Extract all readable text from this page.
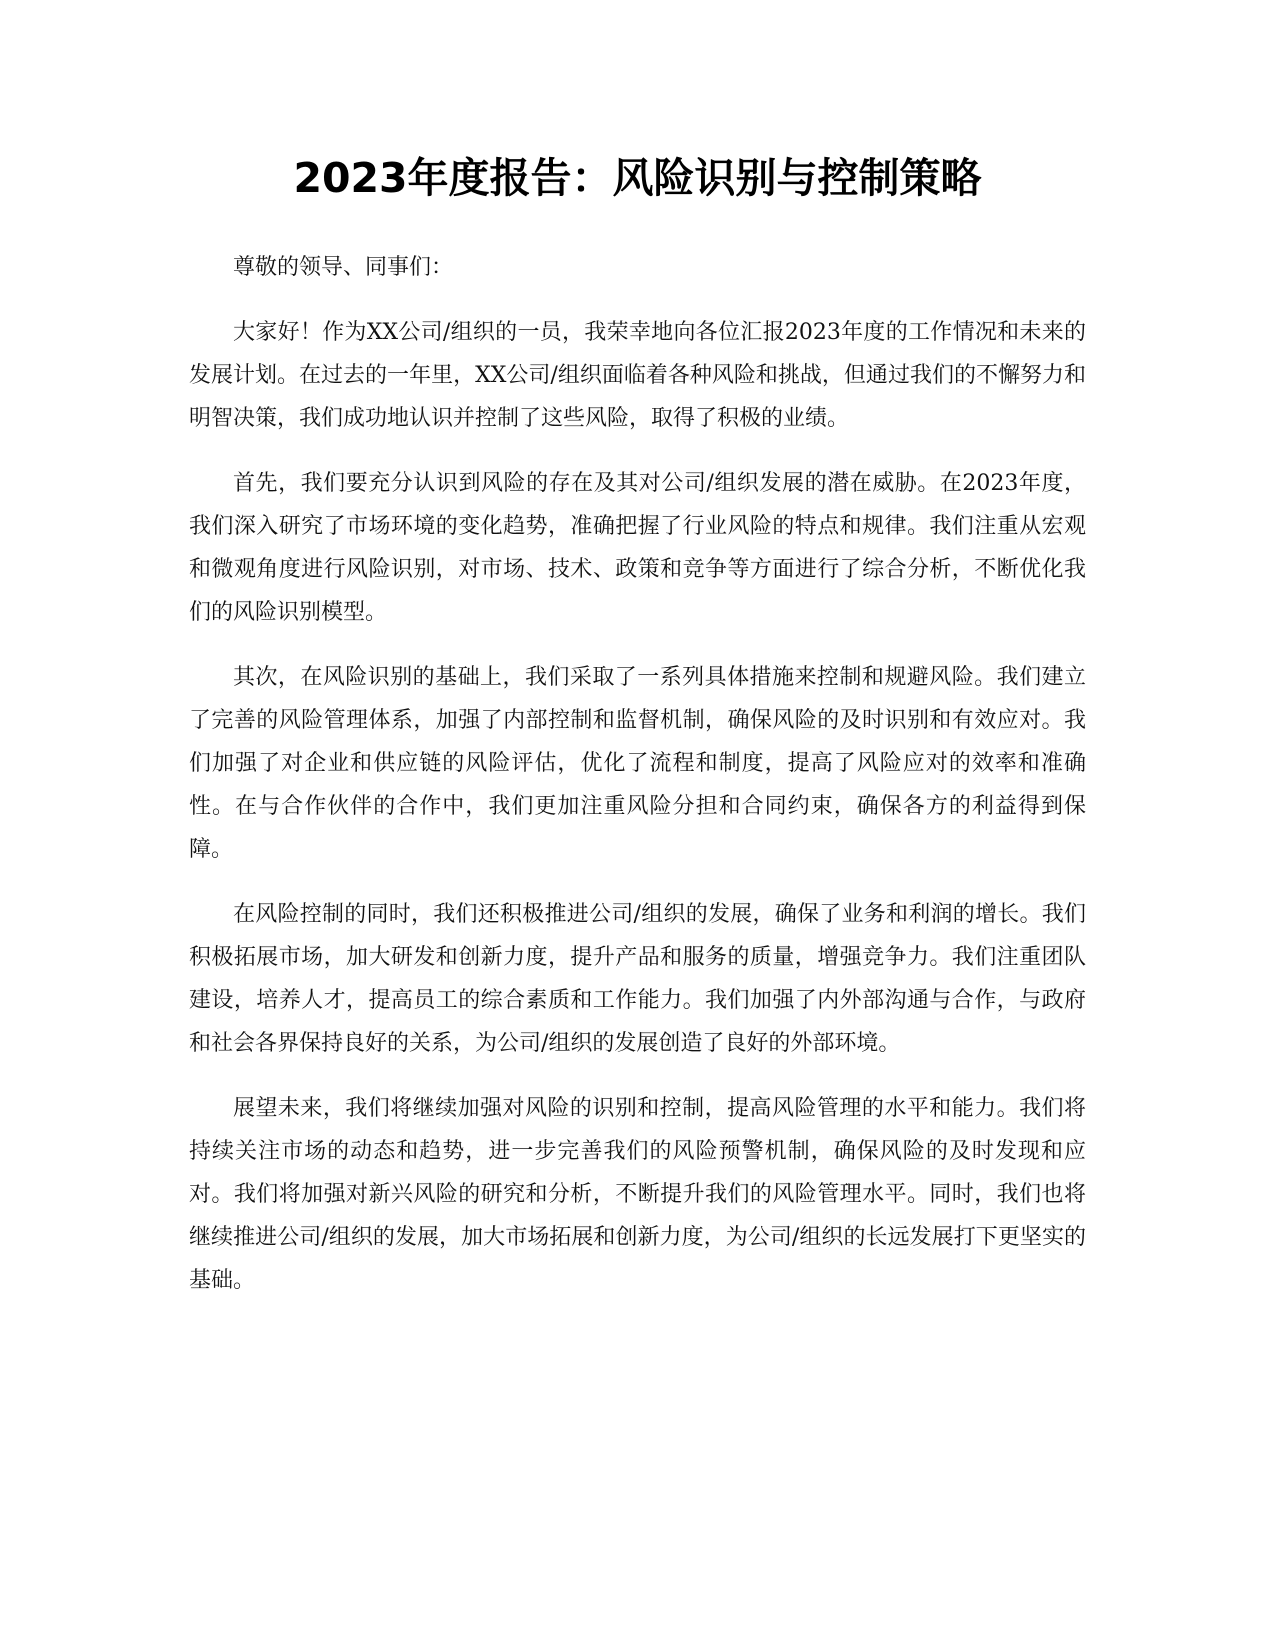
2023年度报告：风险识别与控制策略

尊敬的领导、同事们：

大家好！作为XX公司/组织的一员，我荣幸地向各位汇报2023年度的工作情况和未来的发展计划。在过去的一年里，XX公司/组织面临着各种风险和挑战，但通过我们的不懈努力和明智决策，我们成功地认识并控制了这些风险，取得了积极的业绩。

首先，我们要充分认识到风险的存在及其对公司/组织发展的潜在威胁。在2023年度，我们深入研究了市场环境的变化趋势，准确把握了行业风险的特点和规律。我们注重从宏观和微观角度进行风险识别，对市场、技术、政策和竞争等方面进行了综合分析，不断优化我们的风险识别模型。

其次，在风险识别的基础上，我们采取了一系列具体措施来控制和规避风险。我们建立了完善的风险管理体系，加强了内部控制和监督机制，确保风险的及时识别和有效应对。我们加强了对企业和供应链的风险评估，优化了流程和制度，提高了风险应对的效率和准确性。在与合作伙伴的合作中，我们更加注重风险分担和合同约束，确保各方的利益得到保障。

在风险控制的同时，我们还积极推进公司/组织的发展，确保了业务和利润的增长。我们积极拓展市场，加大研发和创新力度，提升产品和服务的质量，增强竞争力。我们注重团队建设，培养人才，提高员工的综合素质和工作能力。我们加强了内外部沟通与合作，与政府和社会各界保持良好的关系，为公司/组织的发展创造了良好的外部环境。

展望未来，我们将继续加强对风险的识别和控制，提高风险管理的水平和能力。我们将持续关注市场的动态和趋势，进一步完善我们的风险预警机制，确保风险的及时发现和应对。我们将加强对新兴风险的研究和分析，不断提升我们的风险管理水平。同时，我们也将继续推进公司/组织的发展，加大市场拓展和创新力度，为公司/组织的长远发展打下更坚实的基础。
